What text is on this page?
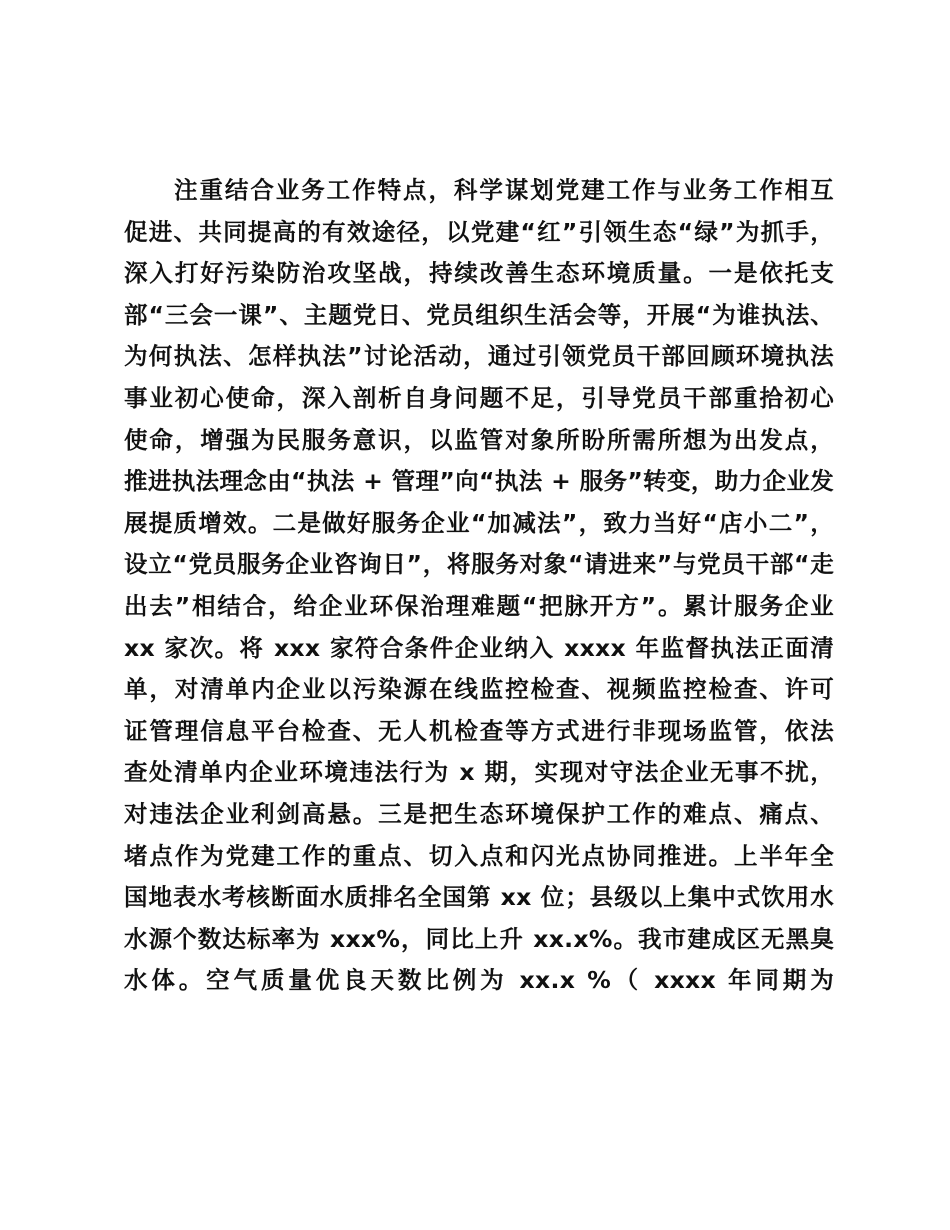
注重结合业务工作特点，科学谋划党建工作与业务工作相互
促进、共同提高的有效途径，以党建“红”引领生态“绿”为抓手，
深入打好污染防治攻坚战，持续改善生态环境质量。一是依托支
部“三会一课”、主题党日、党员组织生活会等，开展“为谁执法、
为何执法、怎样执法”讨论活动，通过引领党员干部回顾环境执法
事业初心使命，深入剖析自身问题不足，引导党员干部重拾初心
使命，增强为民服务意识，以监管对象所盼所需所想为出发点，
推进执法理念由“执法 + 管理”向“执法 + 服务”转变，助力企业发
展提质增效。二是做好服务企业“加减法”，致力当好“店小二”，
设立“党员服务企业咨询日”，将服务对象“请进来”与党员干部“走
出去”相结合，给企业环保治理难题“把脉开方”。累计服务企业
xx 家次。将 xxx 家符合条件企业纳入 xxxx 年监督执法正面清
单，对清单内企业以污染源在线监控检查、视频监控检查、许可
证管理信息平台检查、无人机检查等方式进行非现场监管，依法
查处清单内企业环境违法行为 x 期，实现对守法企业无事不扰，
对违法企业利剑高悬。三是把生态环境保护工作的难点、痛点、
堵点作为党建工作的重点、切入点和闪光点协同推进。上半年全
国地表水考核断面水质排名全国第 xx 位；县级以上集中式饮用水
水源个数达标率为 xxx%，同比上升 xx.x%。我市建成区无黑臭
水体。空气质量优良天数比例为 xx.x %（ xxxx 年同期为
